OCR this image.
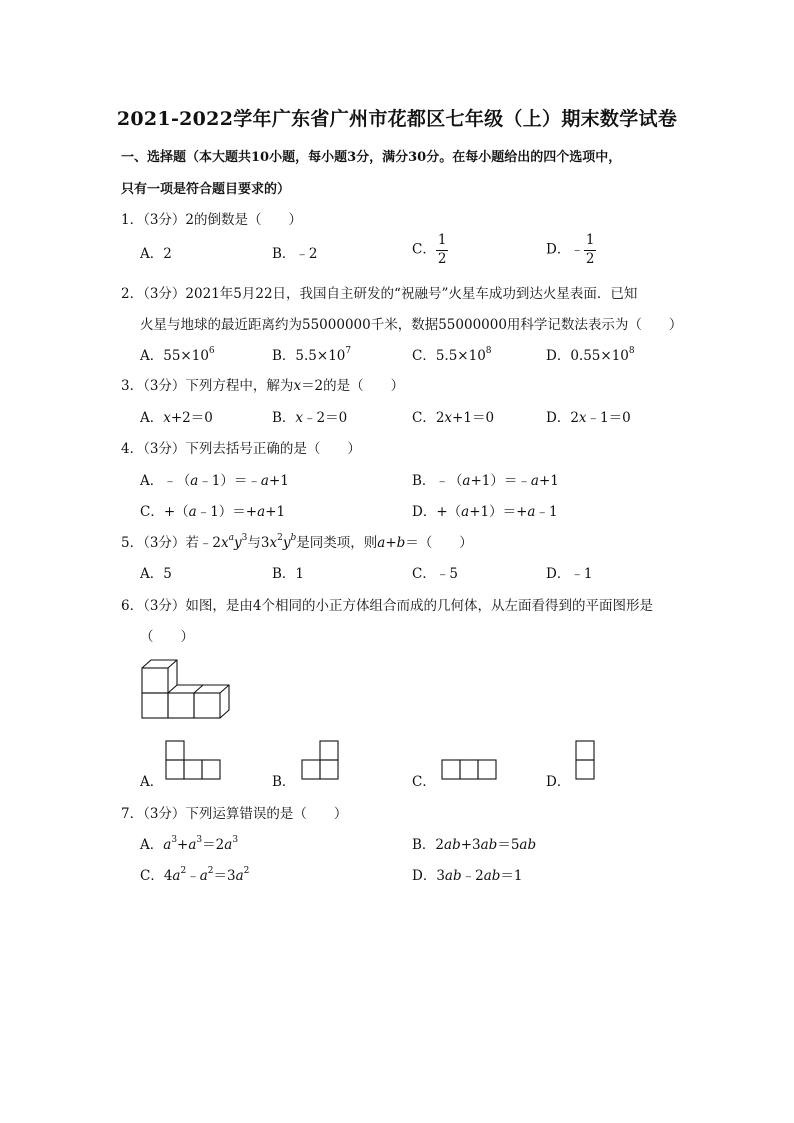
2021-2022学年广东省广州市花都区七年级（上）期末数学试卷
一、选择题（本大题共10小题，每小题3分，满分30分。在每小题给出的四个选项中，
只有一项是符合题目要求的）
1．（3分）2的倒数是（　　）
A．2	B．﹣2	C． $\frac{1}{2}$	D．﹣ $\frac{1}{2}$
2．（3分）2021年5月22日，我国自主研发的“祝融号”火星车成功到达火星表面．已知
火星与地球的最近距离约为55000000千米，数据55000000用科学记数法表示为（　　）
A．$55\times 10^6$	B．$5.5\times 10^7$	C．$5.5\times 10^8$	D．$0.55\times 10^8$
3．（3分）下列方程中，解为x＝2的是（　　）
A．x+2＝0	B．x﹣2＝0	C．2x+1＝0	D．2x﹣1＝0
4．（3分）下列去括号正确的是（　　）
A．﹣（a﹣1）＝﹣a+1	B．﹣（a+1）＝﹣a+1
C．+（a﹣1）＝+a+1	D．+（a+1）＝+a﹣1
5．（3分）若$﹣2x^ay^3$与$3x^2y^b$是同类项，则a+b＝（　　）
A．5	B．1	C．﹣5	D．﹣1
6．（3分）如图，是由4个相同的小正方体组合而成的几何体，从左面看得到的平面图形是
（　　）
A．	B．	C．	D．
7．（3分）下列运算错误的是（　　）
A．$a^3+a^3=2a^3$	B．2ab+3ab＝5ab
C．$4a^2﹣a^2=3a^2$	D．3ab﹣2ab＝1
